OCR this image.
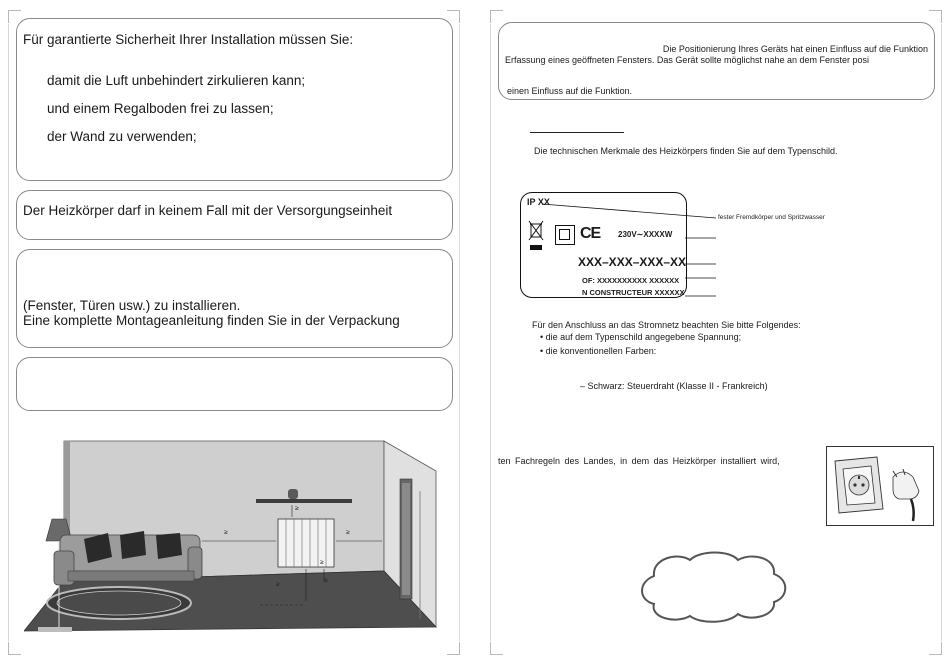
Für garantierte Sicherheit Ihrer Installation müssen Sie:
damit die Luft unbehindert zirkulieren kann;
und einem Regalboden frei zu lassen;
der Wand zu verwenden;
Der Heizkörper darf in keinem Fall mit der Versorgungseinheit
(Fenster, Türen usw.) zu installieren.
Eine komplette Montageanleitung finden Sie in der Verpackung
≥	≥
≥
≥
≥
≥
Die Positionierung Ihres Geräts hat einen Einfluss auf die Funktion
Erfassung eines geöffneten Fensters. Das Gerät sollte möglichst nahe an dem Fenster posi
einen Einfluss auf die Funktion.
Die technischen Merkmale des Heizkörpers finden Sie auf dem Typenschild.
IP XX
CE 230V∼XXXXW
XXX–XXX–XXX–XX
OF: XXXXXXXXXX XXXXXX
N CONSTRUCTEUR XXXXXX
fester Fremdkörper und Spritzwasser
Für den Anschluss an das Stromnetz beachten Sie bitte Folgendes:
• die auf dem Typenschild angegebene Spannung;
• die konventionellen Farben:
– Schwarz: Steuerdraht (Klasse II - Frankreich)
ten Fachregeln des Landes, in dem das Heizkörper installiert wird,
